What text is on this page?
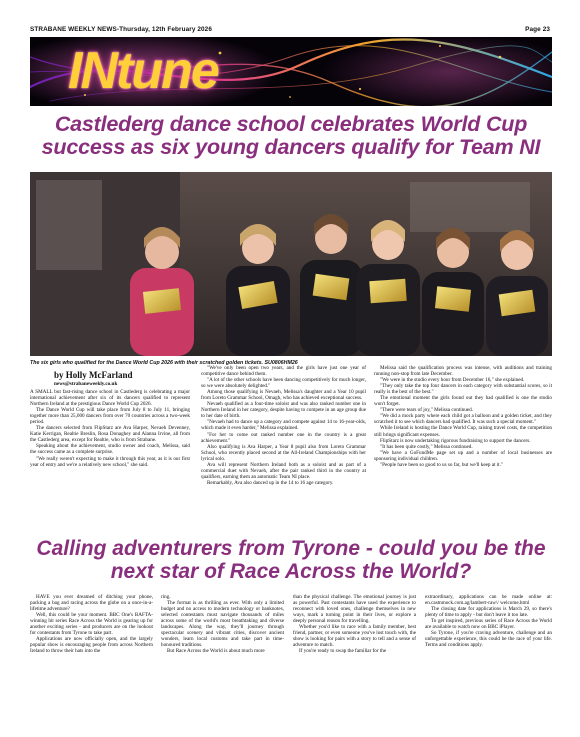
STRABANE WEEKLY NEWS-Thursday, 12th February 2026	Page 23
INtune
Castlederg dance school celebrates World Cup success as six young dancers qualify for Team NI
The six girls who qualified for the Dance World Cup 2026 with their scratched golden tickets. SU0806HM26
by Holly McFarland
news@strabaneweekly.co.uk

A SMALL but fast-rising dance school in Castlederg is celebrating a major international achievement after six of its dancers qualified to represent Northern Ireland at the prestigious Dance World Cup 2026.

The Dance World Cup will take place from July 8 to July 11, bringing together more than 25,000 dancers from over 70 countries across a two-week period.

The dancers selected from FlipStarz are Ava Harper, Nevaeh Devenney, Katie Kerrigan, Realtie Breslin, Rosa Donaghey and Alanna Irvine, all from the Castlederg area, except for Realtie, who is from Strabane.

Speaking about the achievement, studio owner and coach, Melissa, said the success came as a complete surprise.

"We really weren't expecting to make it through this year, as it is our first year of entry and we're a relatively new school," she said.

"We've only been open two years, and the girls have just one year of competitive dance behind them.

"A lot of the other schools have been dancing competitively for much longer, so we were absolutely delighted."

Among those qualifying is Nevaeh, Melissa's daughter and a Year 10 pupil from Loreto Grammar School, Omagh, who has achieved exceptional success.

Nevaeh qualified as a four-time soloist and was also ranked number one in Northern Ireland in her category, despite having to compete in an age group due to her date of birth.

"Nevaeh had to dance up a category and compete against 14 to 16-year-olds, which made it even harder," Melissa explained.

"For her to come out ranked number one in the country is a great achievement."

Also qualifying is Ava Harper, a Year 8 pupil also from Loreto Grammar School, who recently placed second at the All-Ireland Championships with her lyrical solo.

Ava will represent Northern Ireland both as a soloist and as part of a commercial duet with Nevaeh, after the pair ranked third in the country at qualifiers, earning them an automatic Team NI place.

Remarkably, Ava also danced up in the 14 to 16 age category.

Melissa said the qualification process was intense, with auditions and training running non-stop from late December.

"We were in the studio every hour from December 16," she explained.

"They only take the top four dancers in each category with substantial scores, so it really is the best of the best."

The emotional moment the girls found out they had qualified is one the studio won't forget.

"There were tears of joy," Melissa continued.

"We did a mock party where each child got a balloon and a golden ticket, and they scratched it to see which dancers had qualified. It was such a special moment."

While Ireland is hosting the Dance World Cup, raising travel costs, the competition still brings significant expenses.

FlipStarz is now undertaking rigorous fundraising to support the dancers.

"It has been quite costly," Melissa continued.

"We have a GoFundMe page set up and a number of local businesses are sponsoring individual children.

"People have been so good to us so far, but we'll keep at it."

Calling adventurers from Tyrone - could you be the next star of Race Across the World?

HAVE you ever dreamed of ditching your phone, packing a bag and racing across the globe on a once-in-a-lifetime adventure?

Well, this could be your moment. BBC One's BAFTA-winning hit series Race Across the World is gearing up for another exciting series - and producers are on the lookout for contestants from Tyrone to take part.

Applications are now officially open, and the largely popular show is encouraging people from across Northern Ireland to throw their hats into the

ring.

The format is as thrilling as ever. With only a limited budget and no access to modern technology or banknotes, selected contestants must navigate thousands of miles across some of the world's most breathtaking and diverse landscapes. Along the way, they'll journey through spectacular scenery and vibrant cities, discover ancient wonders, learn local customs and take part in time-honoured traditions.

But Race Across the World is about much more

than the physical challenge. The emotional journey is just as powerful. Past contestants have used the experience to reconnect with loved ones, challenge themselves in new ways, mark a turning point in their lives, or explore a deeply personal reason for travelling.

Whether you'd like to race with a family member, best friend, partner, or even someone you've lost touch with, the show is looking for pairs with a story to tell and a sense of adventure to match.

If you're ready to swap the familiar for the

extraordinary, applications can be made online at: en.castnmock.com.ag/lambert-raw\/ welcome.html

The closing date for applications is March 29, so there's plenty of time to apply - but don't leave it too late.

To get inspired, previous series of Race Across the World are available to watch now on BBC iPlayer.

So Tyrone, if you're craving adventure, challenge and an unforgettable experience, this could be the race of your life. Terms and conditions apply.
